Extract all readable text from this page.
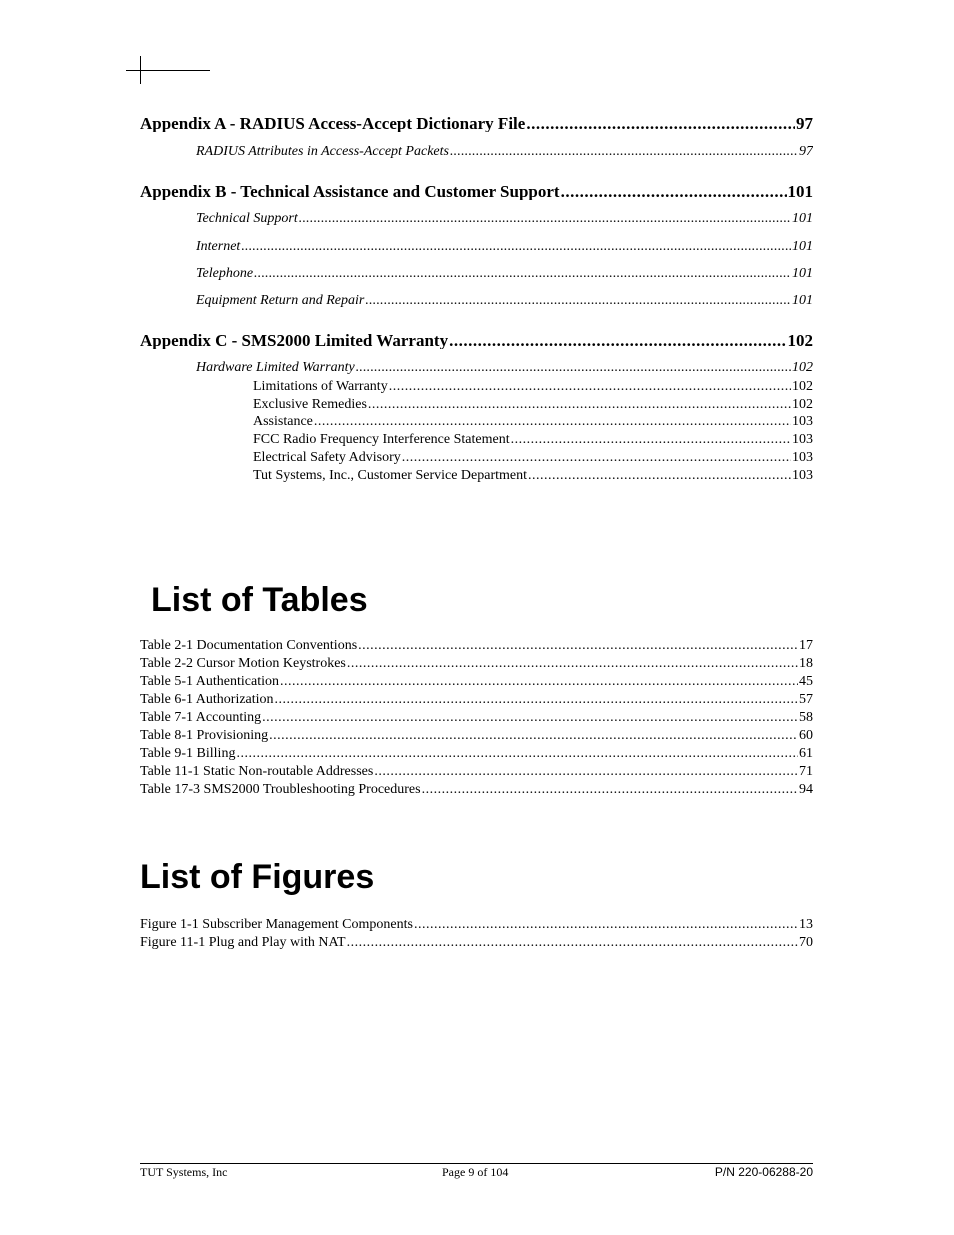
Appendix A - RADIUS Access-Accept Dictionary File .....	97
RADIUS Attributes in Access-Accept Packets .....	97
Appendix B - Technical Assistance and Customer Support .....	101
Technical Support .....	101
Internet .....	101
Telephone .....	101
Equipment Return and Repair .....	101
Appendix C - SMS2000 Limited Warranty .....	102
Hardware Limited Warranty .....	102
Limitations of Warranty .....	102
Exclusive Remedies .....	102
Assistance .....	103
FCC Radio Frequency Interference Statement .....	103
Electrical Safety Advisory .....	103
Tut Systems, Inc., Customer Service Department .....	103
List of Tables
Table 2-1 Documentation Conventions .....	17
Table 2-2 Cursor Motion Keystrokes .....	18
Table 5-1 Authentication .....	45
Table 6-1 Authorization .....	57
Table 7-1 Accounting .....	58
Table 8-1 Provisioning .....	60
Table 9-1 Billing .....	61
Table 11-1 Static Non-routable Addresses .....	71
Table 17-3 SMS2000 Troubleshooting Procedures .....	94
List of Figures
Figure 1-1 Subscriber Management Components .....	13
Figure 11-1 Plug and Play with NAT .....	70
TUT Systems, Inc	Page 9 of 104	P/N 220-06288-20
